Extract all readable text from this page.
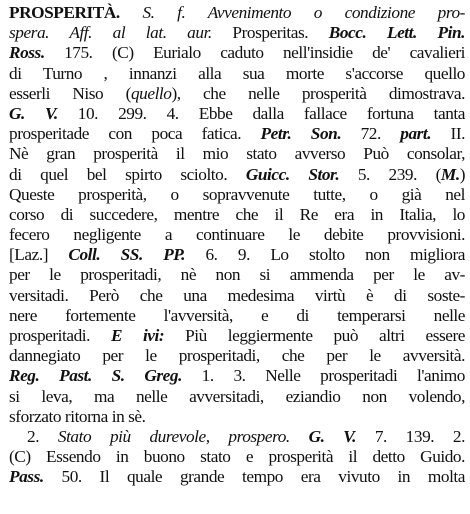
PROSPERITÀ. S. f. Avvenimento o condizione pro-
spera. Aff. al lat. aur. Prosperitas. Bocc. Lett. Pin.
Ross. 175. (C) Eurialo caduto nell'insidie de' cavalieri
di Turno , innanzi alla sua morte s'accorse quello
esserli Niso (quello), che nelle prosperità dimostrava.
G. V. 10. 299. 4. Ebbe dalla fallace fortuna tanta
prosperitade con poca fatica. Petr. Son. 72. part. II.
Nè gran prosperità il mio stato avverso Può consolar,
di quel bel spirto sciolto. Guicc. Stor. 5. 239. (M.)
Queste prosperità, o sopravvenute tutte, o già nel
corso di succedere, mentre che il Re era in Italia, lo
fecero negligente a continuare le debite provvisioni.
[Laz.] Coll. SS. PP. 6. 9. Lo stolto non migliora
per le prosperitadi, nè non si ammenda per le av-
versitadi. Però che una medesima virtù è di soste-
nere fortemente l'avversità, e di temperarsi nelle
prosperitadi. E ivi: Più leggiermente può altri essere
dannegiato per le prosperitadi, che per le avversità.
Reg. Past. S. Greg. 1. 3. Nelle prosperitadi l'animo
si leva, ma nelle avversitadi, eziandio non volendo,
sforzato ritorna in sè.
2. Stato più durevole, prospero. G. V. 7. 139. 2.
(C) Essendo in buono stato e prosperità il detto Guido.
Pass. 50. Il quale grande tempo era vivuto in molta
